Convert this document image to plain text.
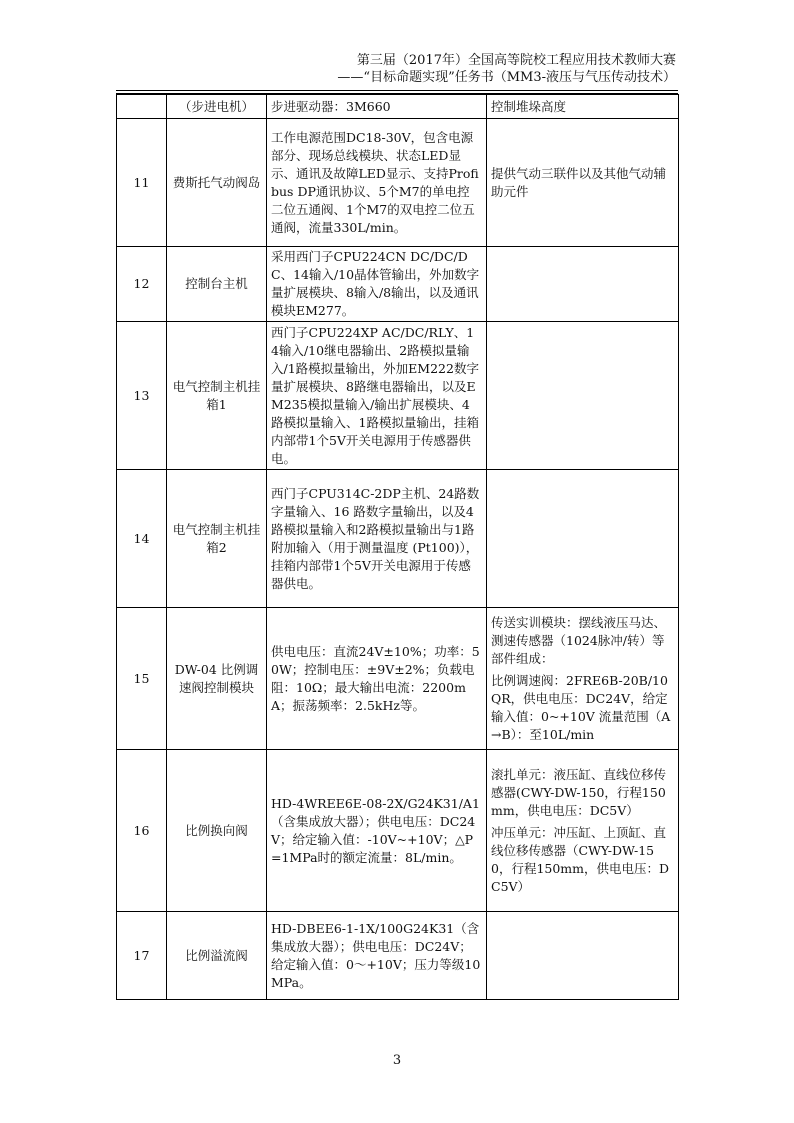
第三届（2017年）全国高等院校工程应用技术教师大赛
——“目标命题实现”任务书（MM3-液压与气压传动技术）
	（步进电机）	步进驱动器：3M660	控制堆垛高度

11	费斯托气动阀岛	工作电源范围DC18-30V，包含电源部分、现场总线模块、状态LED显示、通讯及故障LED显示、支持Profibus DP通讯协议、5个M7的单电控二位五通阀、1个M7的双电控二位五通阀，流量330L/min。	提供气动三联件以及其他气动辅助元件

12	控制台主机	采用西门子CPU224CN DC/DC/DC、14输入/10晶体管输出，外加数字量扩展模块、8输入/8输出，以及通讯模块EM277。	
13	电气控制主机挂箱1	西门子CPU224XP AC/DC/RLY、14输入/10继电器输出、2路模拟量输入/1路模拟量输出，外加EM222数字量扩展模块、8路继电器输出，以及EM235模拟量输入/输出扩展模块、4路模拟量输入、1路模拟量输出，挂箱内部带1个5V开关电源用于传感器供电。	
14	电气控制主机挂箱2	西门子CPU314C-2DP主机、24路数字量输入、16 路数字量输出，以及4路模拟量输入和2路模拟量输出与1路附加输入（用于测量温度 (Pt100)），挂箱内部带1个5V开关电源用于传感器供电。	
15	DW-04 比例调速阀控制模块	供电电压：直流24V±10%；功率：50W；控制电压：±9V±2%；负载电阻：10Ω；最大输出电流：2200mA；振荡频率：2.5kHz等。	传送实训模块：摆线液压马达、测速传感器（1024脉冲/转）等部件组成：
比例调速阀：2FRE6B-20B/10QR，供电电压：DC24V，给定输入值：0~+10V 流量范围（A→B）：至10L/min

16	比例换向阀	HD-4WREE6E-08-2X/G24K31/A1（含集成放大器）；供电电压：DC24V；给定输入值：-10V~+10V；△P=1MPa时的额定流量：8L/min。	滚扎单元：液压缸、直线位移传感器(CWY-DW-150，行程150mm，供电电压：DC5V）
冲压单元：冲压缸、上顶缸、直线位移传感器（CWY-DW-150，行程150mm，供电电压：DC5V）

17	比例溢流阀	HD-DBEE6-1-1X/100G24K31（含集成放大器）；供电电压：DC24V；给定输入值：0～+10V；压力等级10MPa。	
3
